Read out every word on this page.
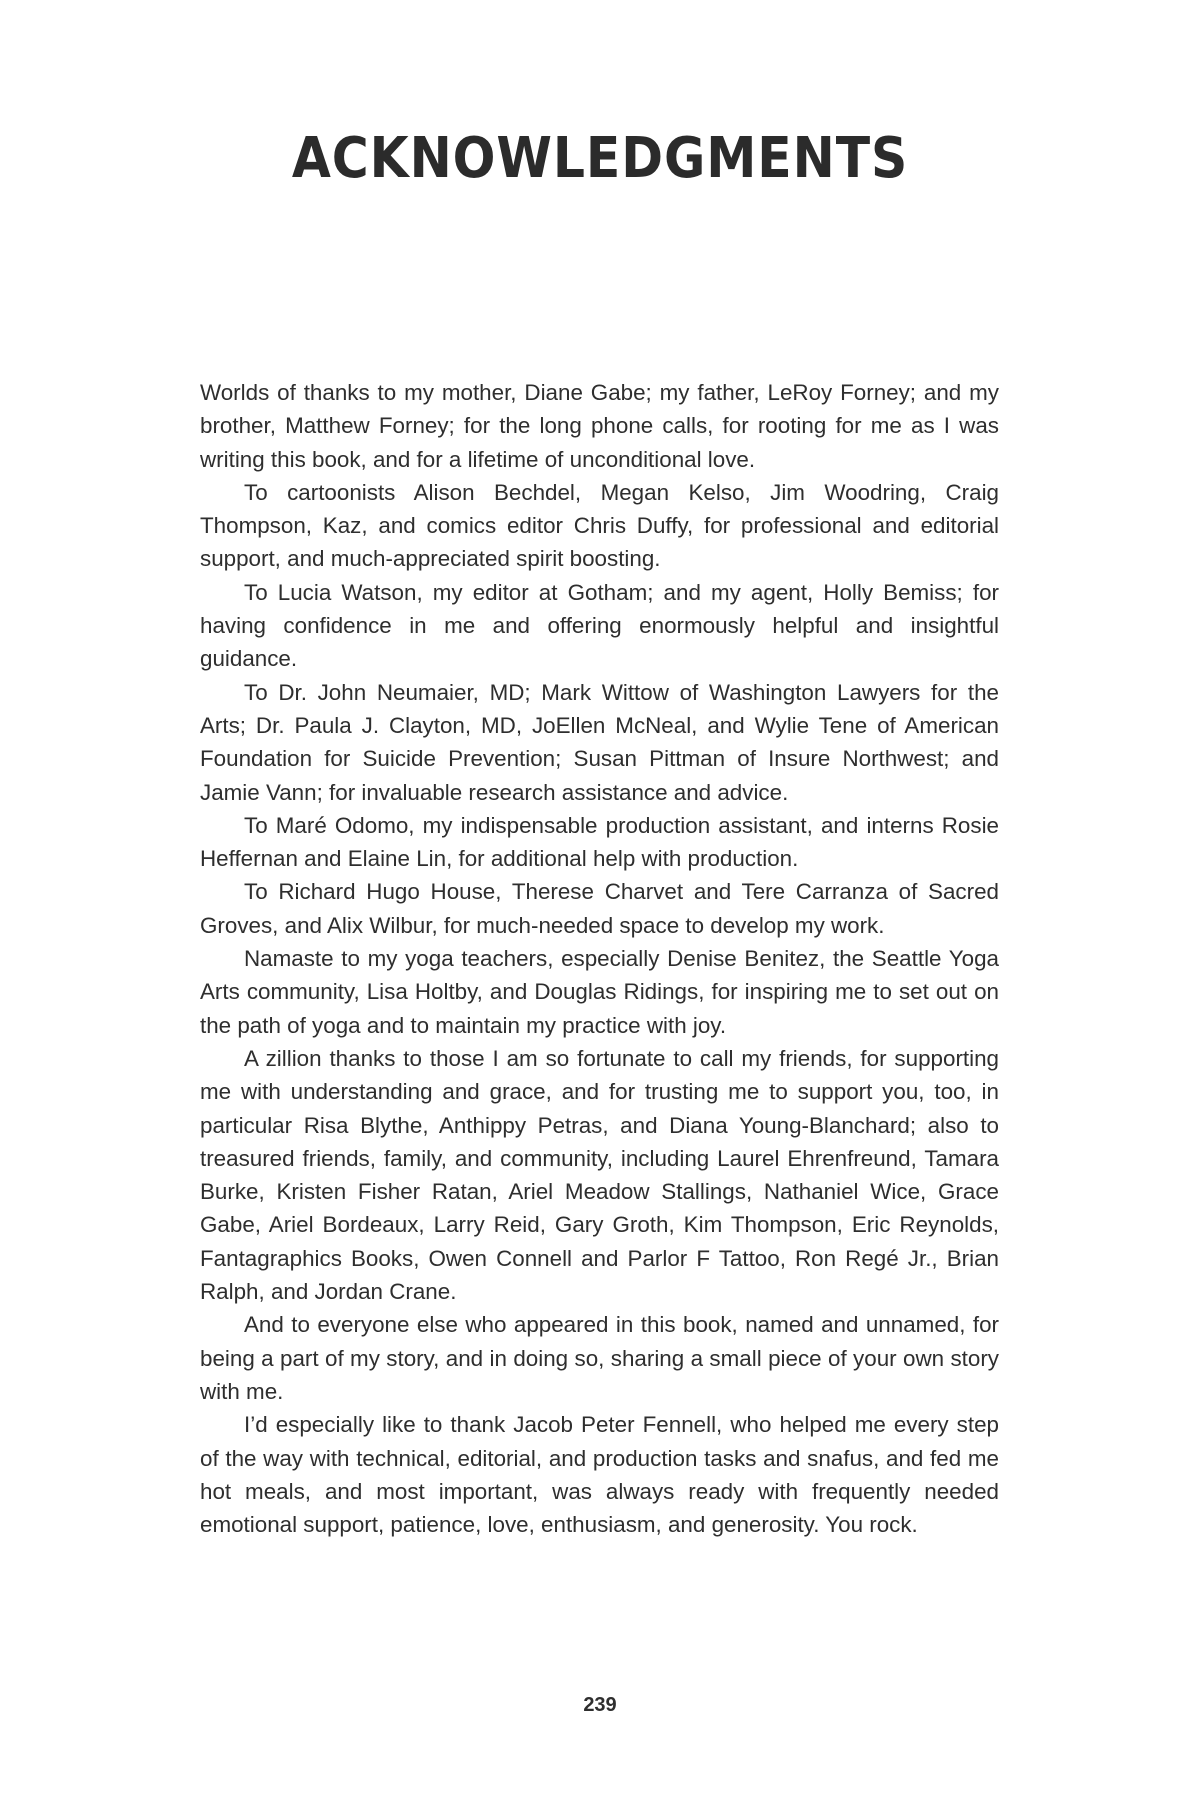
ACKNOWLEDGMENTS

Worlds of thanks to my mother, Diane Gabe; my father, LeRoy Forney; and my brother, Matthew Forney; for the long phone calls, for rooting for me as I was writing this book, and for a lifetime of unconditional love.

To cartoonists Alison Bechdel, Megan Kelso, Jim Woodring, Craig Thompson, Kaz, and comics editor Chris Duffy, for professional and editorial support, and much-appreciated spirit boosting.

To Lucia Watson, my editor at Gotham; and my agent, Holly Bemiss; for having confidence in me and offering enormously helpful and insightful guidance.

To Dr. John Neumaier, MD; Mark Wittow of Washington Lawyers for the Arts; Dr. Paula J. Clayton, MD, JoEllen McNeal, and Wylie Tene of American Foundation for Suicide Prevention; Susan Pittman of Insure Northwest; and Jamie Vann; for invaluable research assistance and advice.

To Maré Odomo, my indispensable production assistant, and interns Rosie Heffernan and Elaine Lin, for additional help with production.

To Richard Hugo House, Therese Charvet and Tere Carranza of Sacred Groves, and Alix Wilbur, for much-needed space to develop my work.

Namaste to my yoga teachers, especially Denise Benitez, the Seattle Yoga Arts community, Lisa Holtby, and Douglas Ridings, for inspiring me to set out on the path of yoga and to maintain my practice with joy.

A zillion thanks to those I am so fortunate to call my friends, for supporting me with understanding and grace, and for trusting me to support you, too, in particular Risa Blythe, Anthippy Petras, and Diana Young-Blanchard; also to treasured friends, family, and community, including Laurel Ehrenfreund, Tamara Burke, Kristen Fisher Ratan, Ariel Meadow Stallings, Nathaniel Wice, Grace Gabe, Ariel Bordeaux, Larry Reid, Gary Groth, Kim Thompson, Eric Reynolds, Fantagraphics Books, Owen Connell and Parlor F Tattoo, Ron Regé Jr., Brian Ralph, and Jordan Crane.

And to everyone else who appeared in this book, named and unnamed, for being a part of my story, and in doing so, sharing a small piece of your own story with me.

I’d especially like to thank Jacob Peter Fennell, who helped me every step of the way with technical, editorial, and production tasks and snafus, and fed me hot meals, and most important, was always ready with frequently needed emotional support, patience, love, enthusiasm, and generosity. You rock.

239
